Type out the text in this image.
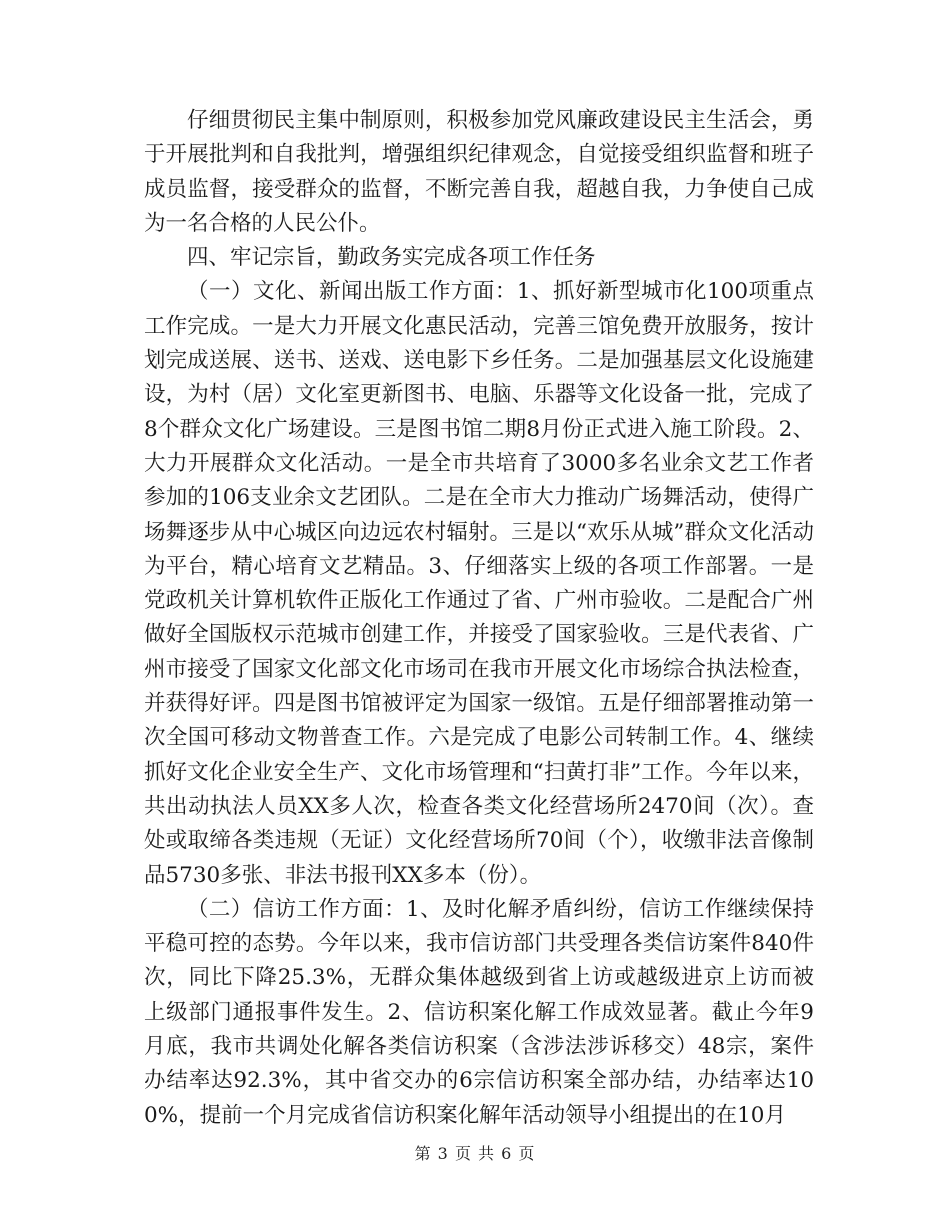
仔细贯彻民主集中制原则，积极参加党风廉政建设民主生活会，勇于开展批判和自我批判，增强组织纪律观念，自觉接受组织监督和班子成员监督，接受群众的监督，不断完善自我，超越自我，力争使自己成为一名合格的人民公仆。

四、牢记宗旨，勤政务实完成各项工作任务

（一）文化、新闻出版工作方面：1、抓好新型城市化100项重点工作完成。一是大力开展文化惠民活动，完善三馆免费开放服务，按计划完成送展、送书、送戏、送电影下乡任务。二是加强基层文化设施建设，为村（居）文化室更新图书、电脑、乐器等文化设备一批，完成了8个群众文化广场建设。三是图书馆二期8月份正式进入施工阶段。2、大力开展群众文化活动。一是全市共培育了3000多名业余文艺工作者参加的106支业余文艺团队。二是在全市大力推动广场舞活动，使得广场舞逐步从中心城区向边远农村辐射。三是以“欢乐从城”群众文化活动为平台，精心培育文艺精品。3、仔细落实上级的各项工作部署。一是党政机关计算机软件正版化工作通过了省、广州市验收。二是配合广州做好全国版权示范城市创建工作，并接受了国家验收。三是代表省、广州市接受了国家文化部文化市场司在我市开展文化市场综合执法检查，并获得好评。四是图书馆被评定为国家一级馆。五是仔细部署推动第一次全国可移动文物普查工作。六是完成了电影公司转制工作。4、继续抓好文化企业安全生产、文化市场管理和“扫黄打非”工作。今年以来，共出动执法人员XX多人次，检查各类文化经营场所2470间（次）。查处或取缔各类违规（无证）文化经营场所70间（个），收缴非法音像制品5730多张、非法书报刊XX多本（份）。

（二）信访工作方面：1、及时化解矛盾纠纷，信访工作继续保持平稳可控的态势。今年以来，我市信访部门共受理各类信访案件840件次，同比下降25.3%，无群众集体越级到省上访或越级进京上访而被上级部门通报事件发生。2、信访积案化解工作成效显著。截止今年9月底，我市共调处化解各类信访积案（含涉法涉诉移交）48宗，案件办结率达92.3%，其中省交办的6宗信访积案全部办结，办结率达100%，提前一个月完成省信访积案化解年活动领导小组提出的在10月

第 3 页 共 6 页
